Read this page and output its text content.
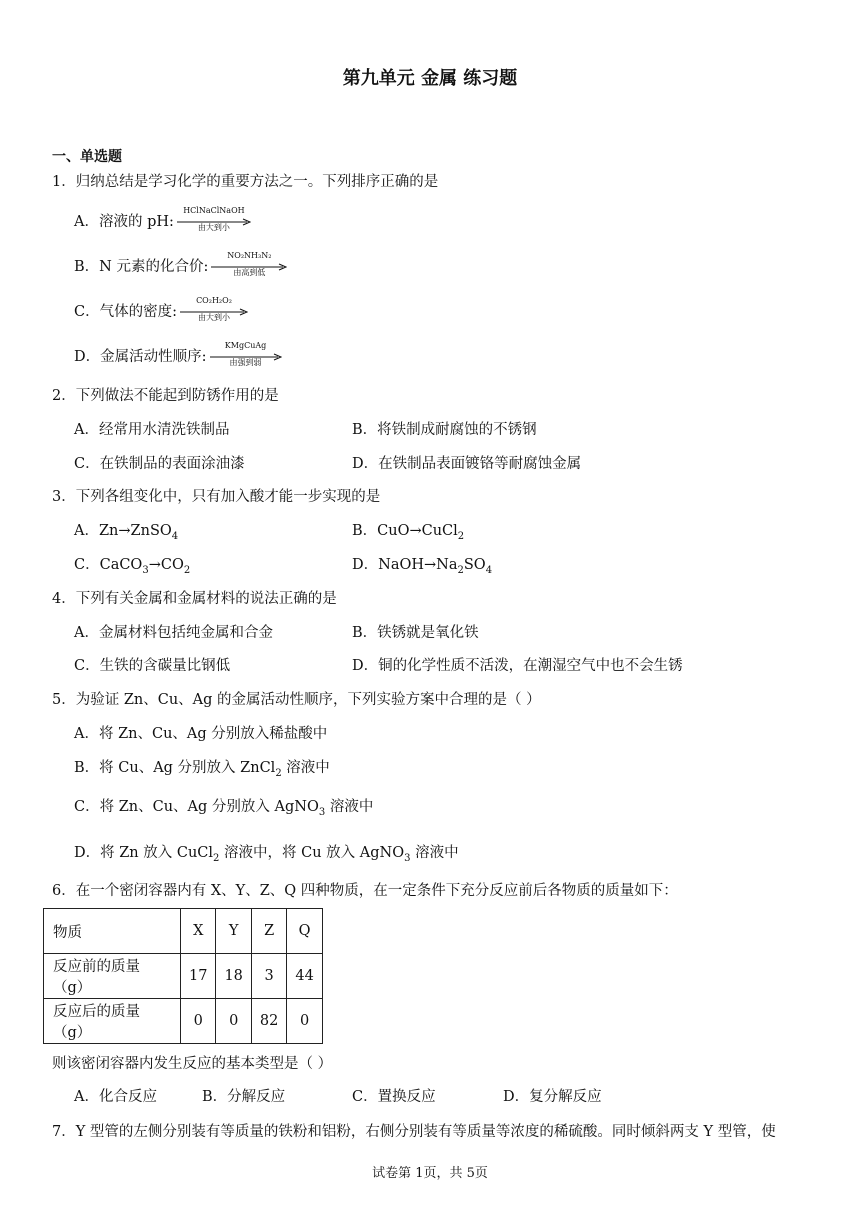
第九单元 金属 练习题
一、单选题
1．归纳总结是学习化学的重要方法之一。下列排序正确的是
A．溶液的 pH:
HClNaClNaOH
由大到小
B．N 元素的化合价:
NO₂NH₃N₂
由高到低
C．气体的密度:
CO₂H₂O₂
由大到小
D．金属活动性顺序:
KMgCuAg
由强到弱
2．下列做法不能起到防锈作用的是
A．经常用水清洗铁制品	B．将铁制成耐腐蚀的不锈钢
C．在铁制品的表面涂油漆	D．在铁制品表面镀铬等耐腐蚀金属
3．下列各组变化中，只有加入酸才能一步实现的是
A．Zn→ZnSO$_4$	B．CuO→CuCl$_2$
C．$CaCO_3\to CO_2$	D．$NaOH\to Na_2SO_4$
4．下列有关金属和金属材料的说法正确的是
A．金属材料包括纯金属和合金	B．铁锈就是氧化铁
C．生铁的含碳量比钢低	D．铜的化学性质不活泼，在潮湿空气中也不会生锈
5．为验证 Zn、Cu、Ag 的金属活动性顺序，下列实验方案中合理的是（ ）
A．将 Zn、Cu、Ag 分别放入稀盐酸中
B．将 Cu、Ag 分别放入 ZnCl$_2$ 溶液中
C．将 Zn、Cu、Ag 分别放入 AgNO$_3$ 溶液中
D．将 Zn 放入 CuCl$_2$ 溶液中，将 Cu 放入 AgNO$_3$ 溶液中
6．在一个密闭容器内有 X、Y、Z、Q 四种物质，在一定条件下充分反应前后各物质的质量如下：
物质	X	Y	Z	Q
反应前的质量（g）	17	18	3	44
反应后的质量（g）	0	0	82	0
则该密闭容器内发生反应的基本类型是（ ）
A．化合反应	B．分解反应	C．置换反应	D．复分解反应
7．Y 型管的左侧分别装有等质量的铁粉和铝粉，右侧分别装有等质量等浓度的稀硫酸。同时倾斜两支 Y 型管，使
试卷第 1页，共 5页
